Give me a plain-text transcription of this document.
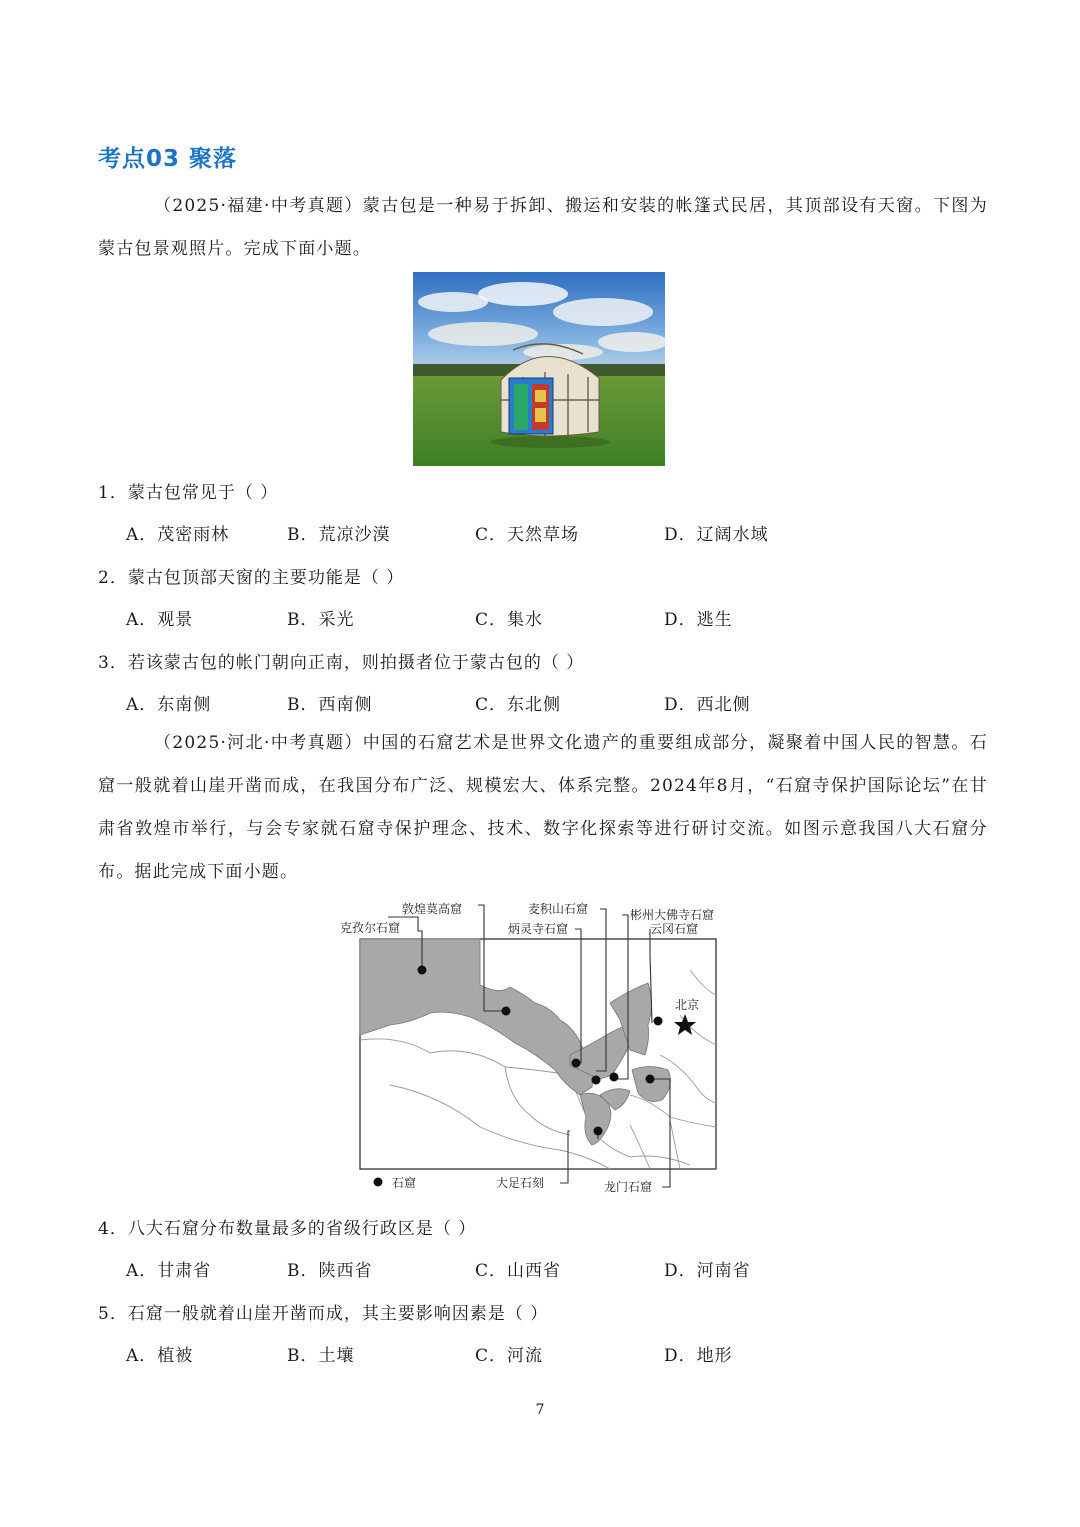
考点03 聚落

（2025·福建·中考真题）蒙古包是一种易于拆卸、搬运和安装的帐篷式民居，其顶部设有天窗。下图为蒙古包景观照片。完成下面小题。

1．蒙古包常见于（ ）
A．茂密雨林	B．荒凉沙漠	C．天然草场	D．辽阔水域
2．蒙古包顶部天窗的主要功能是（ ）
A．观景	B．采光	C．集水	D．逃生
3．若该蒙古包的帐门朝向正南，则拍摄者位于蒙古包的（ ）
A．东南侧	B．西南侧	C．东北侧	D．西北侧

（2025·河北·中考真题）中国的石窟艺术是世界文化遗产的重要组成部分，凝聚着中国人民的智慧。石窟一般就着山崖开凿而成，在我国分布广泛、规模宏大、体系完整。2024年8月，“石窟寺保护国际论坛”在甘肃省敦煌市举行，与会专家就石窟寺保护理念、技术、数字化探索等进行研讨交流。如图示意我国八大石窟分布。据此完成下面小题。

克孜尔石窟
敦煌莫高窟	麦积山石窟
炳灵寺石窟
彬州大佛寺石窟
云冈石窟
北京
大足石刻	龙门石窟
石窟
4．八大石窟分布数量最多的省级行政区是（ ）
A．甘肃省	B．陕西省	C．山西省	D．河南省
5．石窟一般就着山崖开凿而成，其主要影响因素是（ ）
A．植被	B．土壤	C．河流	D．地形
7
